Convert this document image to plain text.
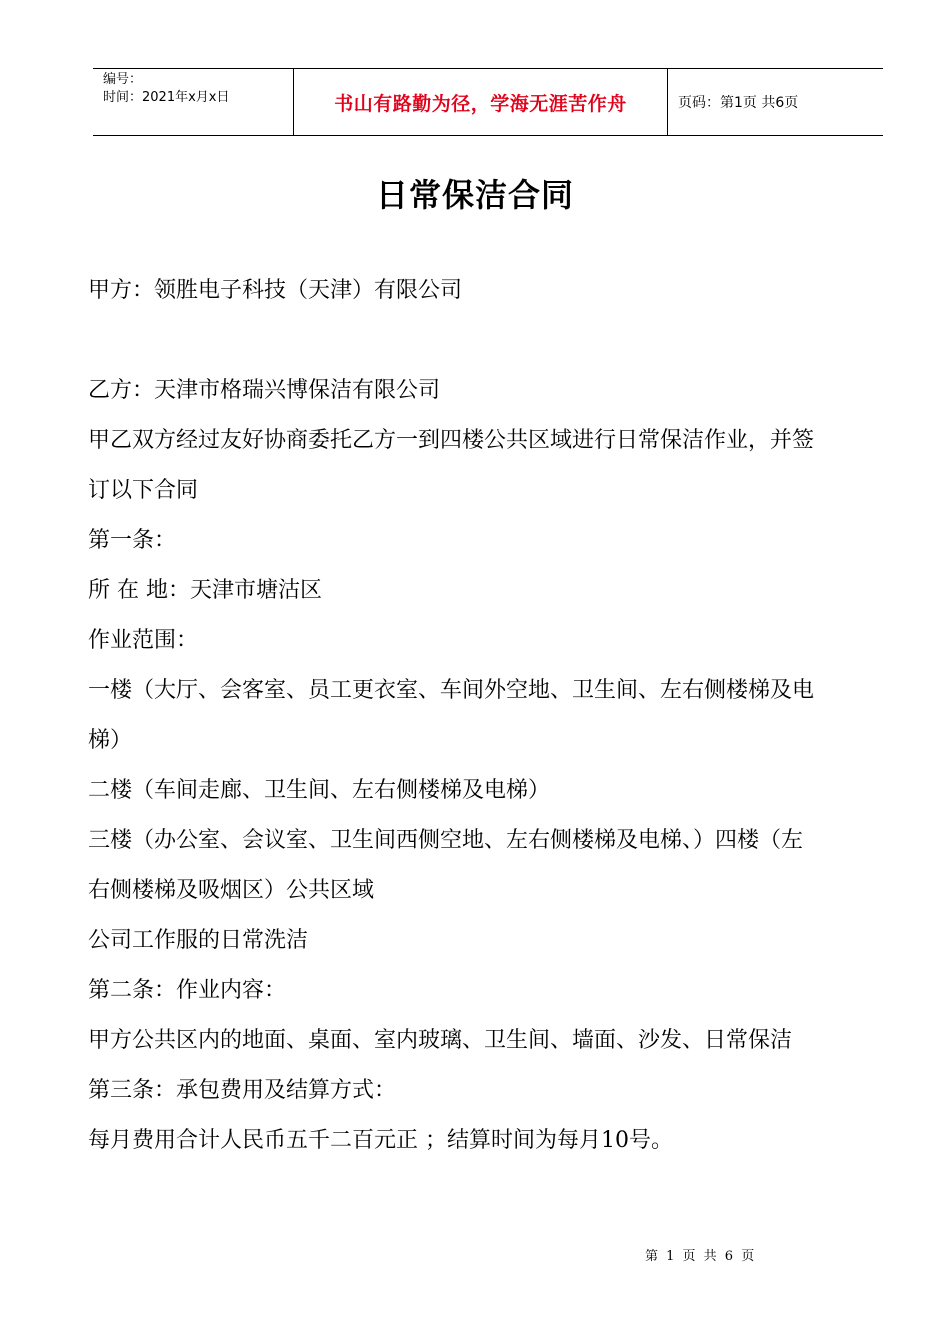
编号：
时间：2021年x月x日	书山有路勤为径，学海无涯苦作舟	页码：第1页 共6页
日常保洁合同
甲方：领胜电子科技（天津）有限公司
乙方：天津市格瑞兴博保洁有限公司
甲乙双方经过友好协商委托乙方一到四楼公共区域进行日常保洁作业，并签
订以下合同
第一条：
所 在 地：天津市塘沽区
作业范围：
一楼（大厅、会客室、员工更衣室、车间外空地、卫生间、左右侧楼梯及电
梯）
二楼（车间走廊、卫生间、左右侧楼梯及电梯）
三楼（办公室、会议室、卫生间西侧空地、左右侧楼梯及电梯、）四楼（左
右侧楼梯及吸烟区）公共区域
公司工作服的日常洗洁
第二条：作业内容：
甲方公共区内的地面、桌面、室内玻璃、卫生间、墙面、沙发、日常保洁
第三条：承包费用及结算方式：
每月费用合计人民币五千二百元正 ；结算时间为每月10号。
第 1 页 共 6 页
